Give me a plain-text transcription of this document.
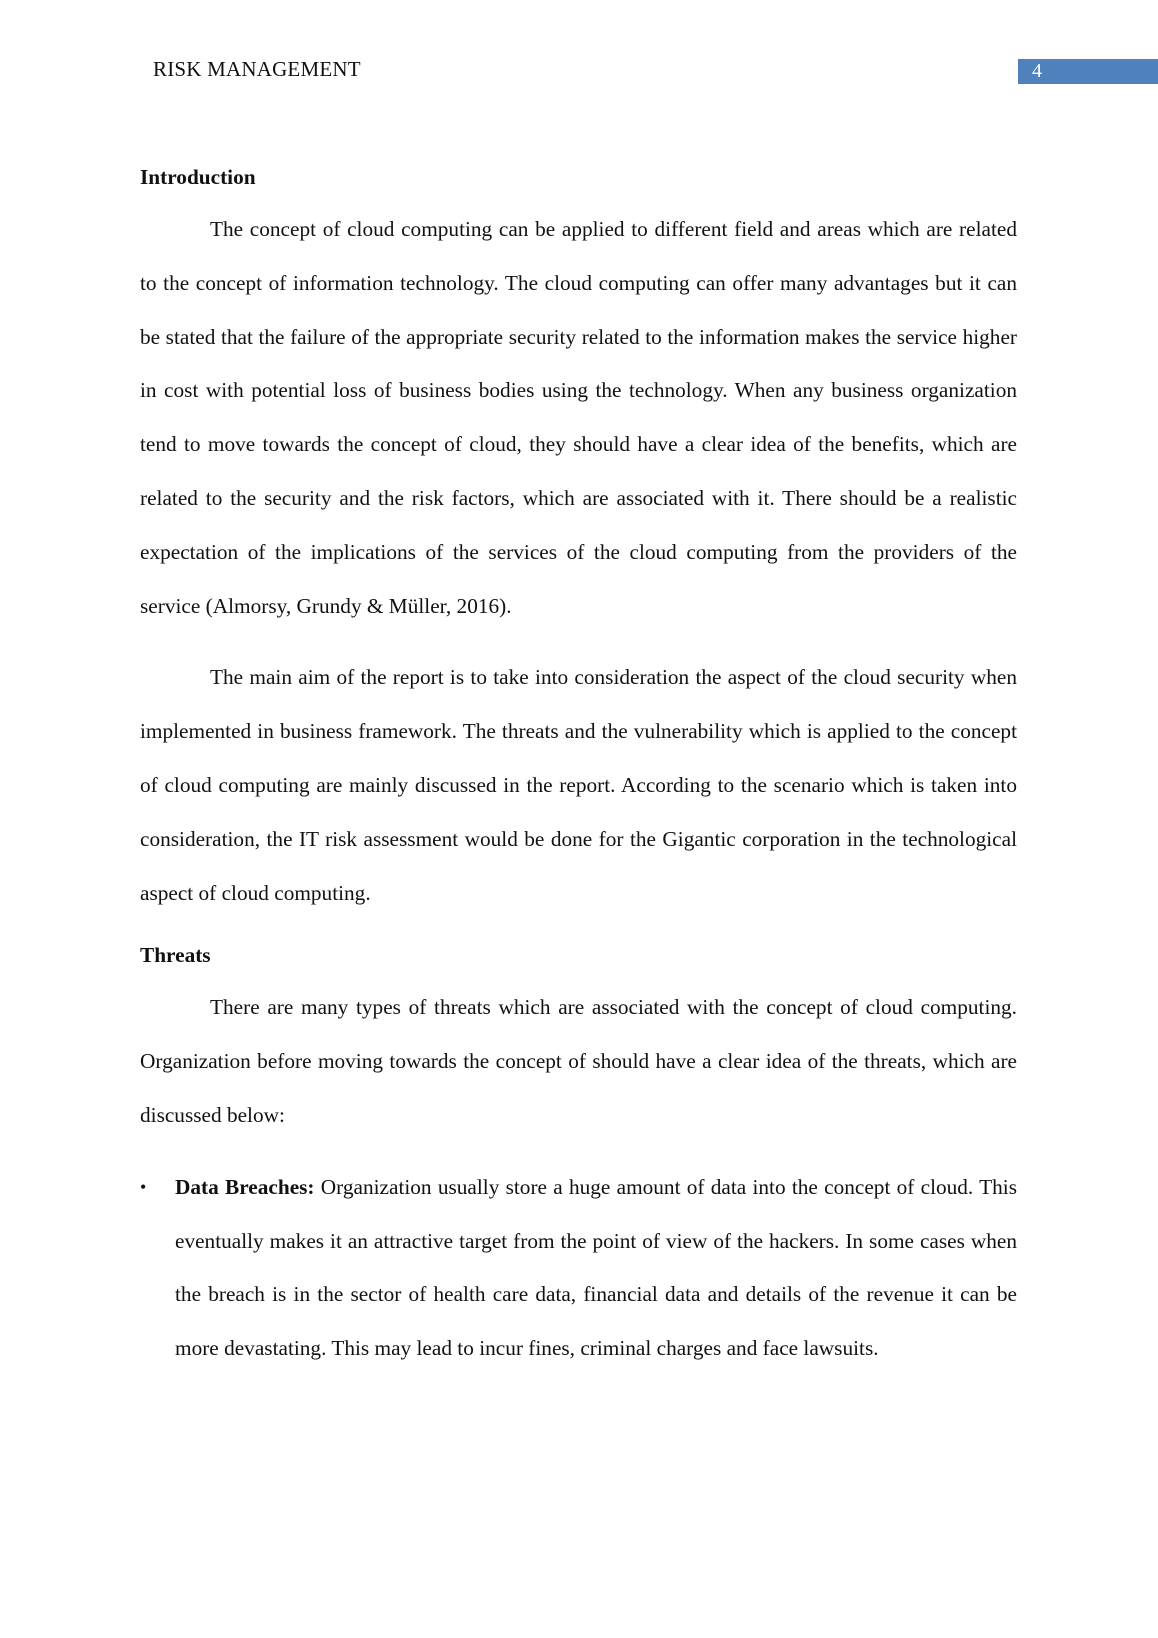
RISK MANAGEMENT	4
Introduction

The concept of cloud computing can be applied to different field and areas which are related to the concept of information technology. The cloud computing can offer many advantages but it can be stated that the failure of the appropriate security related to the information makes the service higher in cost with potential loss of business bodies using the technology. When any business organization tend to move towards the concept of cloud, they should have a clear idea of the benefits, which are related to the security and the risk factors, which are associated with it. There should be a realistic expectation of the implications of the services of the cloud computing from the providers of the service (Almorsy, Grundy & Müller, 2016).

The main aim of the report is to take into consideration the aspect of the cloud security when implemented in business framework. The threats and the vulnerability which is applied to the concept of cloud computing are mainly discussed in the report. According to the scenario which is taken into consideration, the IT risk assessment would be done for the Gigantic corporation in the technological aspect of cloud computing.

Threats

There are many types of threats which are associated with the concept of cloud computing. Organization before moving towards the concept of should have a clear idea of the threats, which are discussed below:

• Data Breaches: Organization usually store a huge amount of data into the concept of cloud. This eventually makes it an attractive target from the point of view of the hackers. In some cases when the breach is in the sector of health care data, financial data and details of the revenue it can be more devastating. This may lead to incur fines, criminal charges and face lawsuits.
